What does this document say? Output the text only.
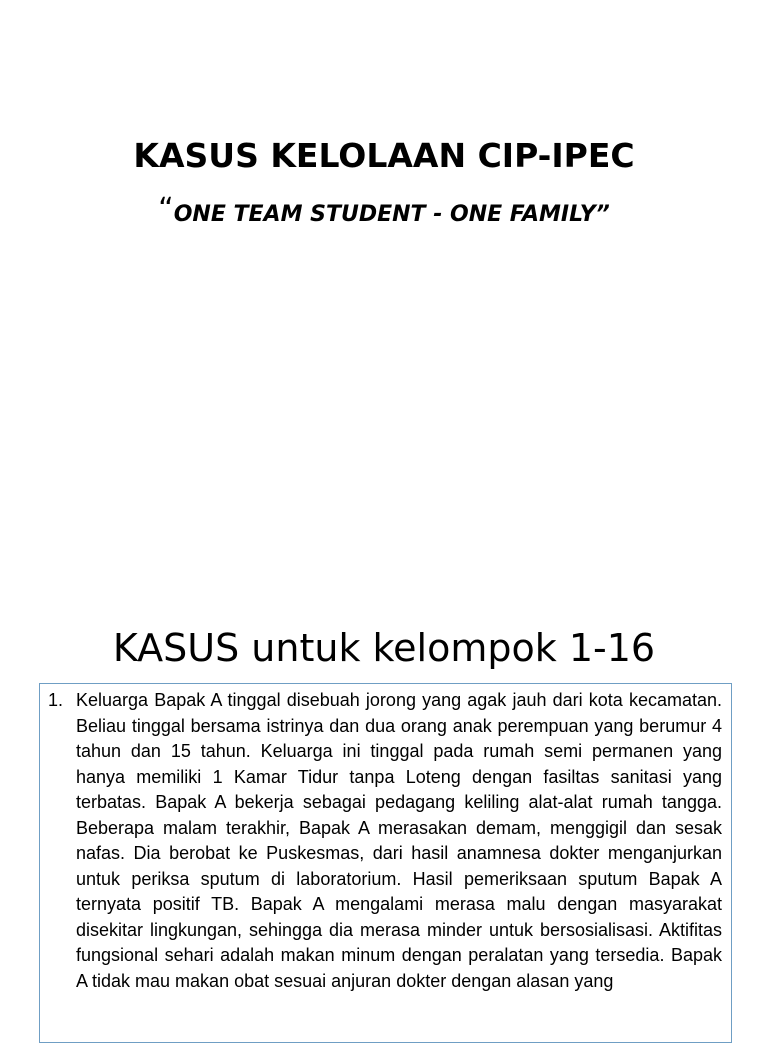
KASUS KELOLAAN CIP-IPEC
“ONE TEAM STUDENT - ONE FAMILY”
KASUS untuk kelompok 1-16
1. Keluarga Bapak A tinggal disebuah jorong yang agak jauh dari kota kecamatan. Beliau tinggal bersama istrinya dan dua orang anak perempuan yang berumur 4 tahun dan 15 tahun. Keluarga ini tinggal pada rumah semi permanen yang hanya memiliki 1 Kamar Tidur tanpa Loteng dengan fasiltas sanitasi yang terbatas. Bapak A bekerja sebagai pedagang keliling alat-alat rumah tangga. Beberapa malam terakhir, Bapak A merasakan demam, menggigil dan sesak nafas. Dia berobat ke Puskesmas, dari hasil anamnesa dokter menganjurkan untuk periksa sputum di laboratorium. Hasil pemeriksaan sputum Bapak A ternyata positif TB. Bapak A mengalami merasa malu dengan masyarakat disekitar lingkungan, sehingga dia merasa minder untuk bersosialisasi. Aktifitas fungsional sehari adalah makan minum dengan peralatan yang tersedia. Bapak A tidak mau makan obat sesuai anjuran dokter dengan alasan yang
